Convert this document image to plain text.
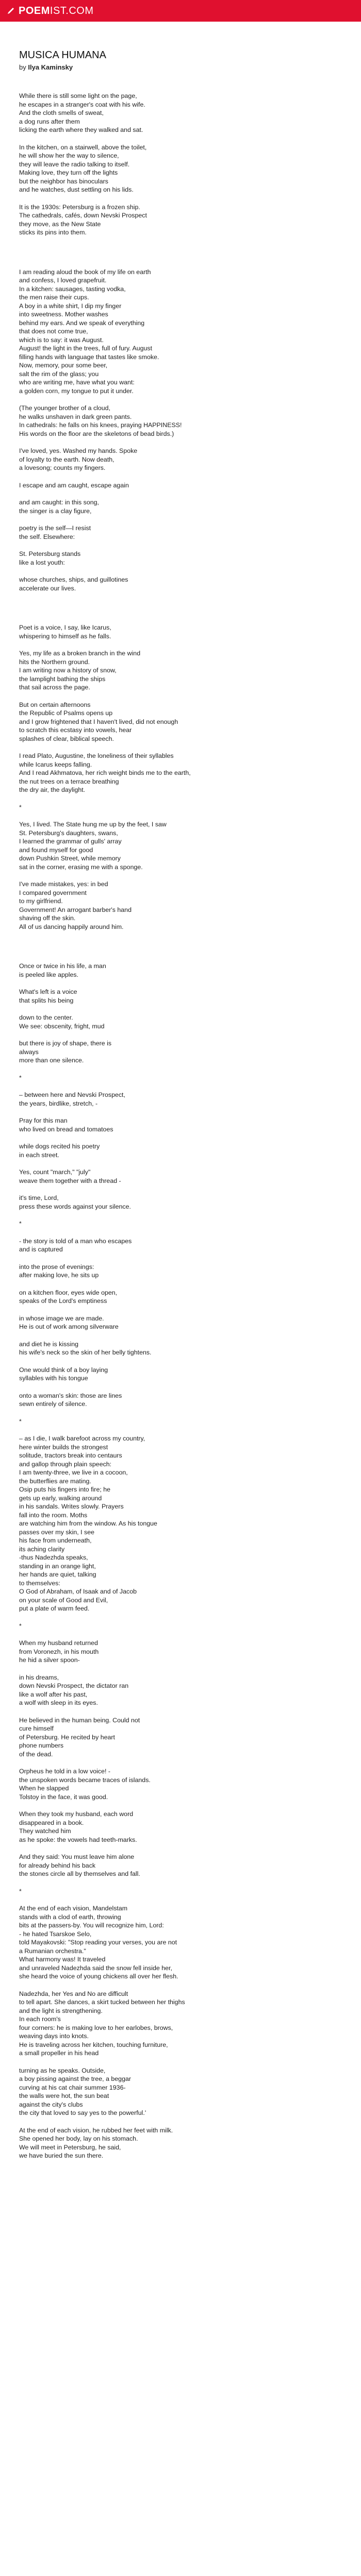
POEM IST.COM
MUSICA HUMANA

by Ilya Kaminsky

While there is still some light on the page,
he escapes in a stranger's coat with his wife.
And the cloth smells of sweat,
a dog runs after them
licking the earth where they walked and sat.

In the kitchen, on a stairwell, above the toilet,
he will show her the way to silence,
they will leave the radio talking to itself.
Making love, they turn off the lights
but the neighbor has binoculars
and he watches, dust settling on his lids.

It is the 1930s: Petersburg is a frozen ship.
The cathedrals, cafés, down Nevski Prospect
they move, as the New State
sticks its pins into them.

I am reading aloud the book of my life on earth
and confess, I loved grapefruit.
In a kitchen: sausages, tasting vodka,
the men raise their cups.
A boy in a white shirt, I dip my finger
into sweetness. Mother washes
behind my ears. And we speak of everything
that does not come true,
which is to say: it was August.
August! the light in the trees, full of fury. August
filling hands with language that tastes like smoke.
Now, memory, pour some beer,
salt the rim of the glass; you
who are writing me, have what you want:
a golden corn, my tongue to put it under.

(The younger brother of a cloud,
he walks unshaven in dark green pants.
In cathedrals: he falls on his knees, praying HAPPINESS!
His words on the floor are the skeletons of bead birds.)

I've loved, yes. Washed my hands. Spoke
of loyalty to the earth. Now death,
a lovesong; counts my fingers.

I escape and am caught, escape again

and am caught: in this song,
the singer is a clay figure,

poetry is the self—I resist
the self. Elsewhere:

St. Petersburg stands
like a lost youth:

whose churches, ships, and guillotines
accelerate our lives.

Poet is a voice, I say, like Icarus,
whispering to himself as he falls.

Yes, my life as a broken branch in the wind
hits the Northern ground.
I am writing now a history of snow,
the lamplight bathing the ships
that sail across the page.

But on certain afternoons
the Republic of Psalms opens up
and I grow frightened that I haven't lived, did not enough
to scratch this ecstasy into vowels, hear
splashes of clear, biblical speech.

I read Plato, Augustine, the loneliness of their syllables
while Icarus keeps falling.
And I read Akhmatova, her rich weight binds me to the earth,
the nut trees on a terrace breathing
the dry air, the daylight.

*

Yes, I lived. The State hung me up by the feet, I saw
St. Petersburg's daughters, swans,
I learned the grammar of gulls' array
and found myself for good
down Pushkin Street, while memory
sat in the corner, erasing me with a sponge.

I've made mistakes, yes: in bed
I compared government
to my girlfriend.
Government! An arrogant barber's hand
shaving off the skin.
All of us dancing happily around him.

Once or twice in his life, a man
is peeled like apples.

What's left is a voice
that splits his being

down to the center.
We see: obscenity, fright, mud

but there is joy of shape, there is
always
more than one silence.

*

– between here and Nevski Prospect,
the years, birdlike, stretch, -

Pray for this man
who lived on bread and tomatoes

while dogs recited his poetry
in each street.

Yes, count "march," "july"
weave them together with a thread -

it's time, Lord,
press these words against your silence.

*

- the story is told of a man who escapes
and is captured

into the prose of evenings:
after making love, he sits up

on a kitchen floor, eyes wide open,
speaks of the Lord's emptiness

in whose image we are made.
He is out of work among silverware

and diet he is kissing
his wife's neck so the skin of her belly tightens.

One would think of a boy laying
syllables with his tongue

onto a woman's skin: those are lines
sewn entirely of silence.

*

– as I die, I walk barefoot across my country,
here winter builds the strongest
solitude, tractors break into centaurs
and gallop through plain speech:
I am twenty-three, we live in a cocoon,
the butterflies are mating.
Osip puts his fingers into fire; he
gets up early, walking around
in his sandals. Writes slowly. Prayers
fall into the room. Moths
are watching him from the window. As his tongue
passes over my skin, I see
his face from underneath,
its aching clarity
-thus Nadezhda speaks,
standing in an orange light,
her hands are quiet, talking
to themselves:
O God of Abraham, of Isaak and of Jacob
on your scale of Good and Evil,
put a plate of warm feed.

*

When my husband returned
from Voronezh, in his mouth
he hid a silver spoon-

in his dreams,
down Nevski Prospect, the dictator ran
like a wolf after his past,
a wolf with sleep in its eyes.

He believed in the human being. Could not
cure himself
of Petersburg. He recited by heart
phone numbers
of the dead.

Orpheus he told in a low voice! -
the unspoken words became traces of islands.
When he slapped
Tolstoy in the face, it was good.

When they took my husband, each word
disappeared in a book.
They watched him
as he spoke: the vowels had teeth-marks.

And they said: You must leave him alone
for already behind his back
the stones circle all by themselves and fall.

*

At the end of each vision, Mandelstam
stands with a clod of earth, throwing
bits at the passers-by. You will recognize him, Lord:
- he hated Tsarskoe Selo,
told Mayakovski: "Stop reading your verses, you are not
a Rumanian orchestra."
What harmony was! It traveled
and unraveled Nadezhda said the snow fell inside her,
she heard the voice of young chickens all over her flesh.

Nadezhda, her Yes and No are difficult
to tell apart. She dances, a skirt tucked between her thighs
and the light is strengthening.
In each room's
four corners: he is making love to her earlobes, brows,
weaving days into knots.
He is traveling across her kitchen, touching furniture,
a small propeller in his head

turning as he speaks. Outside,
a boy pissing against the tree, a beggar
curving at his cat chair summer 1936-
the walls were hot, the sun beat
against the city's clubs
the city that loved to say yes to the powerful.'

At the end of each vision, he rubbed her feet with milk.
She opened her body, lay on his stomach.
We will meet in Petersburg, he said,
we have buried the sun there.
